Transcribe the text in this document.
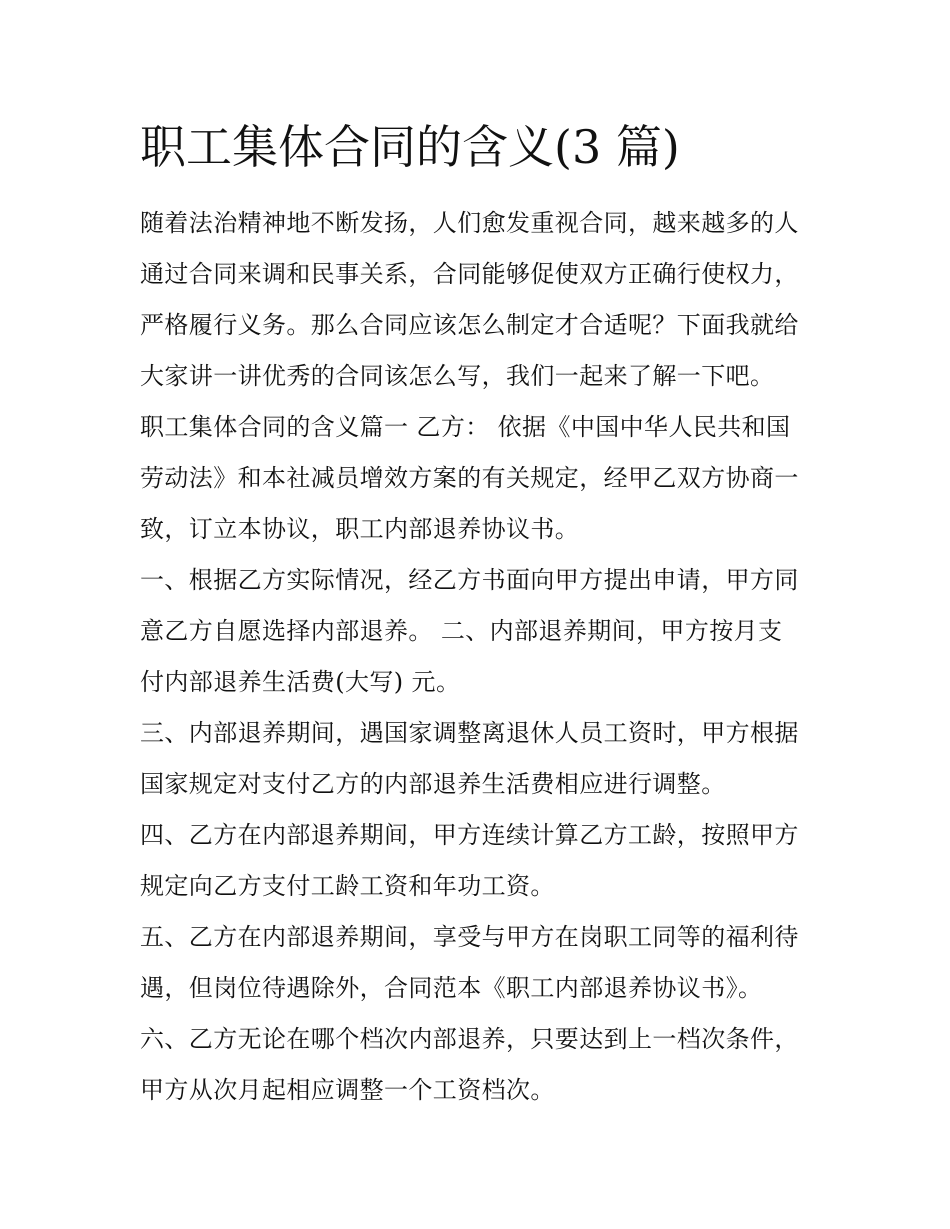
职工集体合同的含义(3 篇)

随着法治精神地不断发扬，人们愈发重视合同，越来越多的人

通过合同来调和民事关系，合同能够促使双方正确行使权力，

严格履行义务。那么合同应该怎么制定才合适呢？下面我就给

大家讲一讲优秀的合同该怎么写，我们一起来了解一下吧。

职工集体合同的含义篇一 乙方： 依据《中国中华人民共和国

劳动法》和本社减员增效方案的有关规定，经甲乙双方协商一

致，订立本协议，职工内部退养协议书。

一、根据乙方实际情况，经乙方书面向甲方提出申请，甲方同

意乙方自愿选择内部退养。 二、内部退养期间，甲方按月支

付内部退养生活费(大写) 元。

三、内部退养期间，遇国家调整离退休人员工资时，甲方根据

国家规定对支付乙方的内部退养生活费相应进行调整。

四、乙方在内部退养期间，甲方连续计算乙方工龄，按照甲方

规定向乙方支付工龄工资和年功工资。

五、乙方在内部退养期间，享受与甲方在岗职工同等的福利待

遇，但岗位待遇除外，合同范本《职工内部退养协议书》。

六、乙方无论在哪个档次内部退养，只要达到上一档次条件，

甲方从次月起相应调整一个工资档次。
